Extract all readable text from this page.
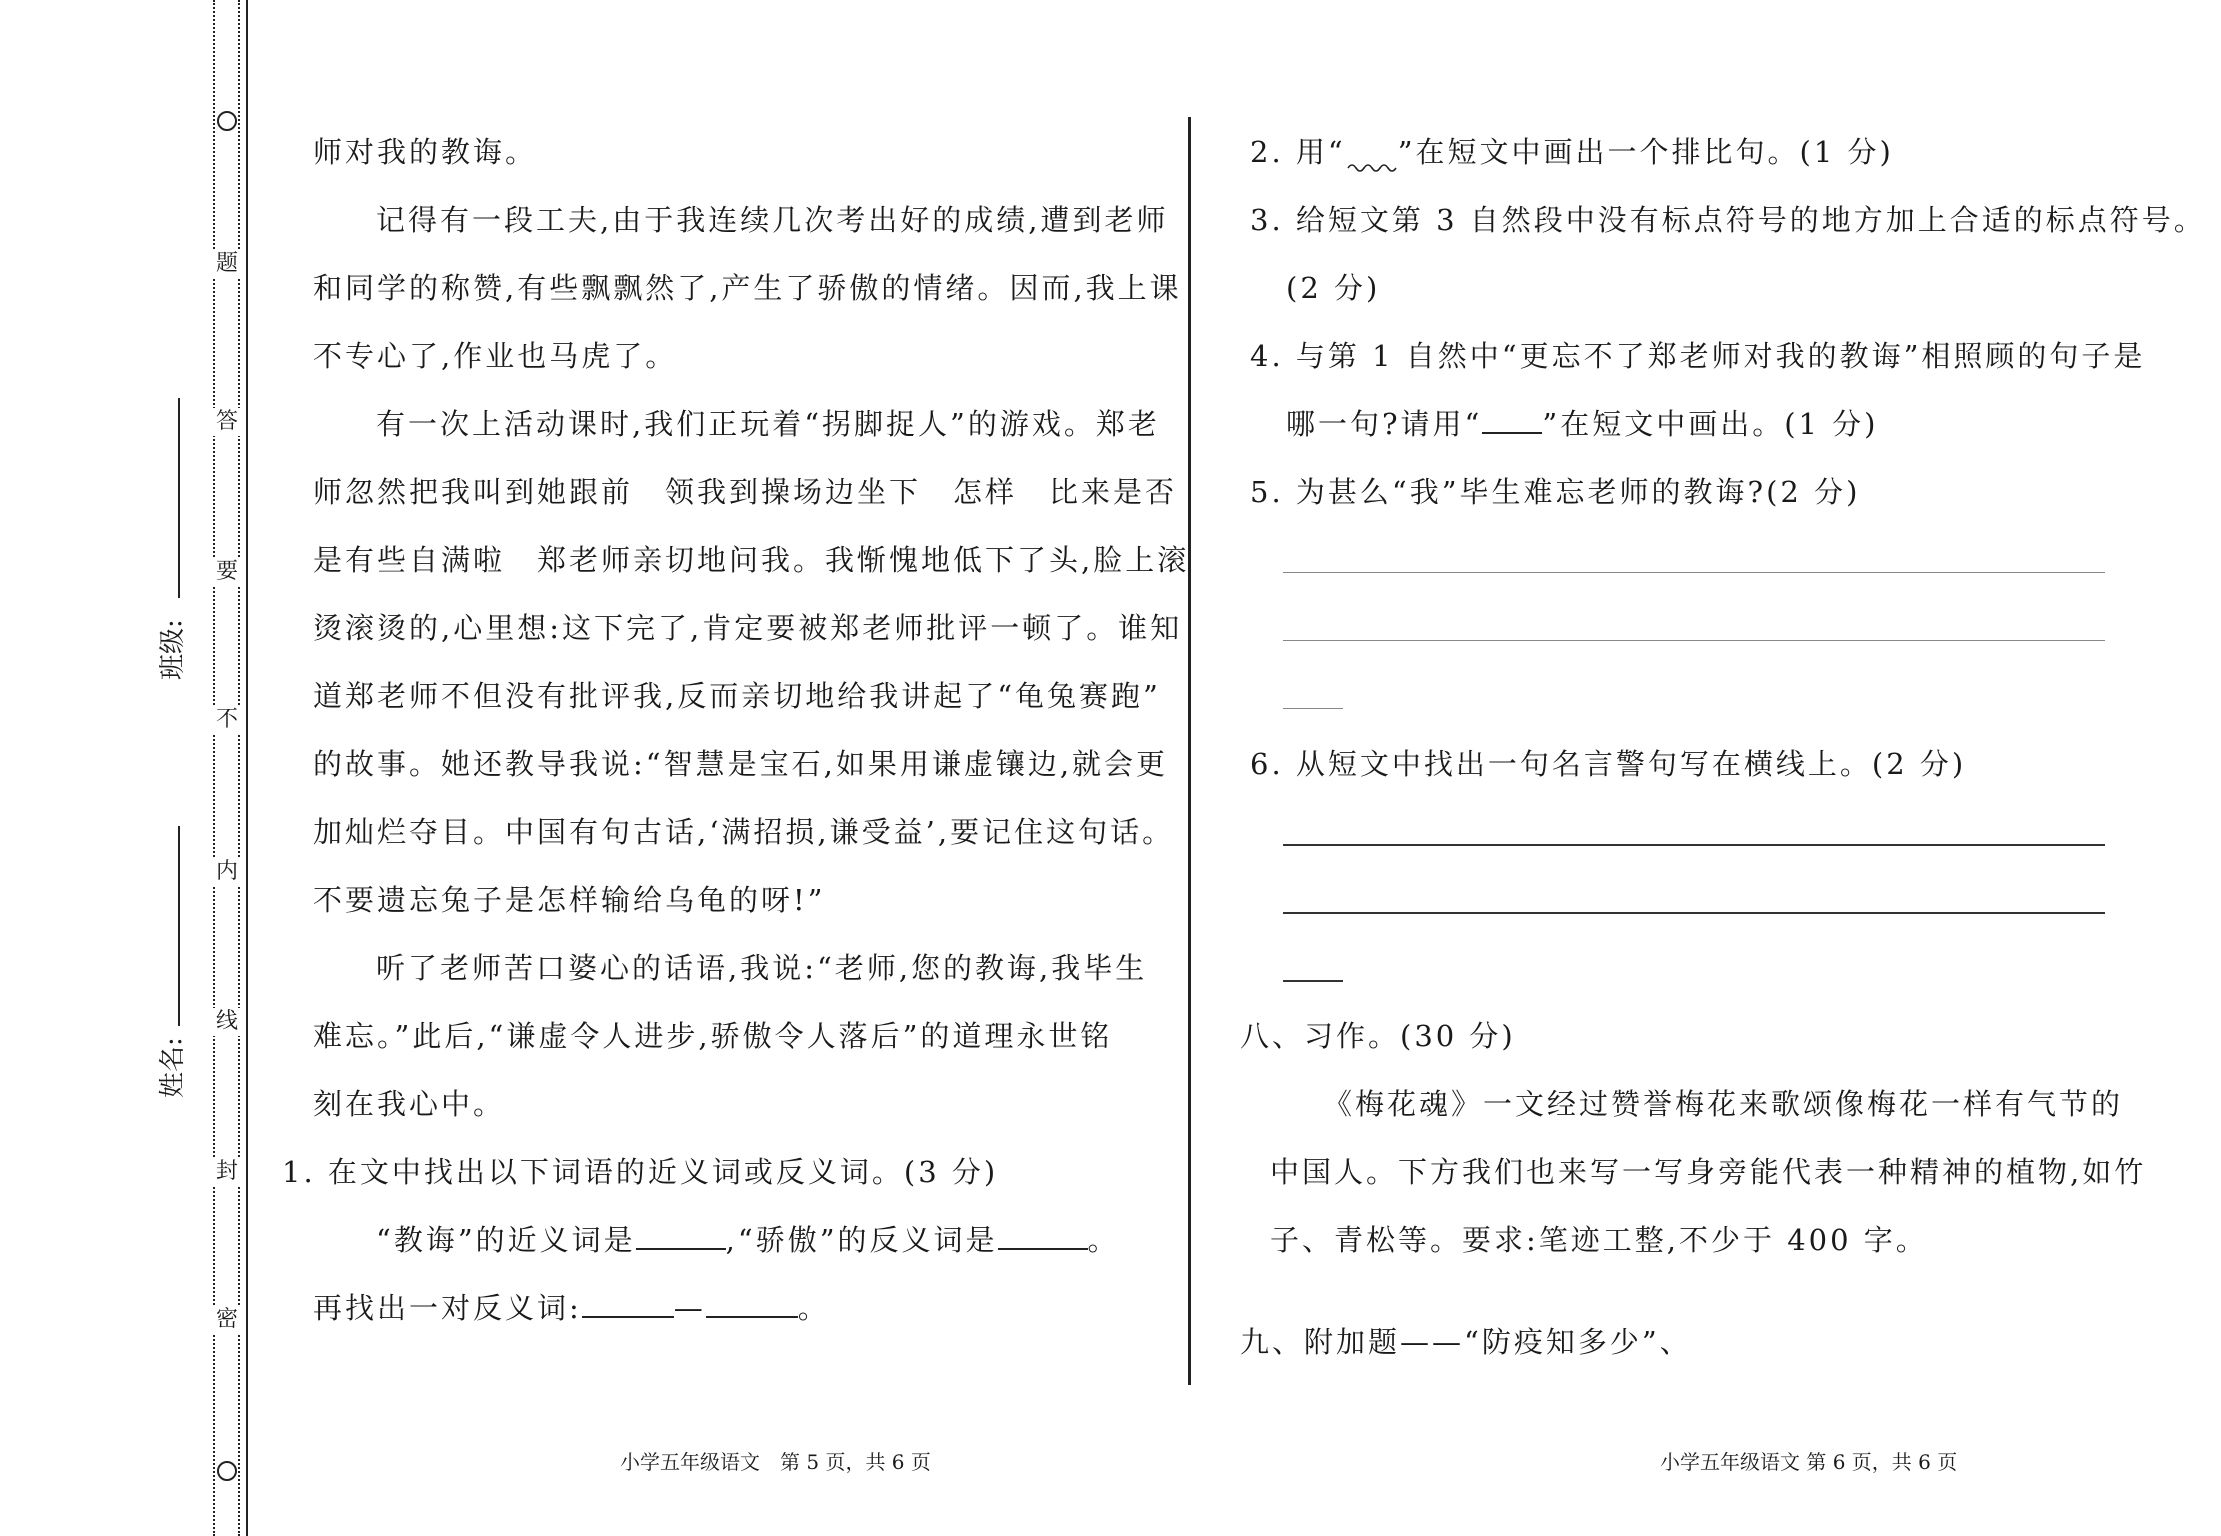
题
答
要
不
内
线
封
密
班级:
姓名:
师对我的教诲。
记得有一段工夫,由于我连续几次考出好的成绩,遭到老师
和同学的称赞,有些飘飘然了,产生了骄傲的情绪。因而,我上课
不专心了,作业也马虎了。
有一次上活动课时,我们正玩着“拐脚捉人”的游戏。郑老
师忽然把我叫到她跟前　领我到操场边坐下　怎样　比来是否
是有些自满啦　郑老师亲切地问我。我惭愧地低下了头,脸上滚
烫滚烫的,心里想:这下完了,肯定要被郑老师批评一顿了。谁知
道郑老师不但没有批评我,反而亲切地给我讲起了“龟兔赛跑”
的故事。她还教导我说:“智慧是宝石,如果用谦虚镶边,就会更
加灿烂夺目。中国有句古话,‘满招损,谦受益’,要记住这句话。
不要遗忘兔子是怎样输给乌龟的呀!”
听了老师苦口婆心的话语,我说:“老师,您的教诲,我毕生
难忘。”此后,“谦虚令人进步,骄傲令人落后”的道理永世铭
刻在我心中。
1. 在文中找出以下词语的近义词或反义词。(3 分)
“教诲”的近义词是	,“骄傲”的反义词是	。
再找出一对反义词:	—	。
2. 用“ ”在短文中画出一个排比句。(1 分)
3. 给短文第 3 自然段中没有标点符号的地方加上合适的标点符号。
(2 分)
4. 与第 1 自然中“更忘不了郑老师对我的教诲”相照顾的句子是
哪一句?请用“ ”在短文中画出。(1 分)
5. 为甚么“我”毕生难忘老师的教诲?(2 分)
6. 从短文中找出一句名言警句写在横线上。(2 分)
八、习作。(30 分)
《梅花魂》一文经过赞誉梅花来歌颂像梅花一样有气节的
中国人。下方我们也来写一写身旁能代表一种精神的植物,如竹
子、青松等。要求:笔迹工整,不少于 400 字。
九、附加题——“防疫知多少”、
小学五年级语文　第 5 页，共 6 页	小学五年级语文 第 6 页，共 6 页
